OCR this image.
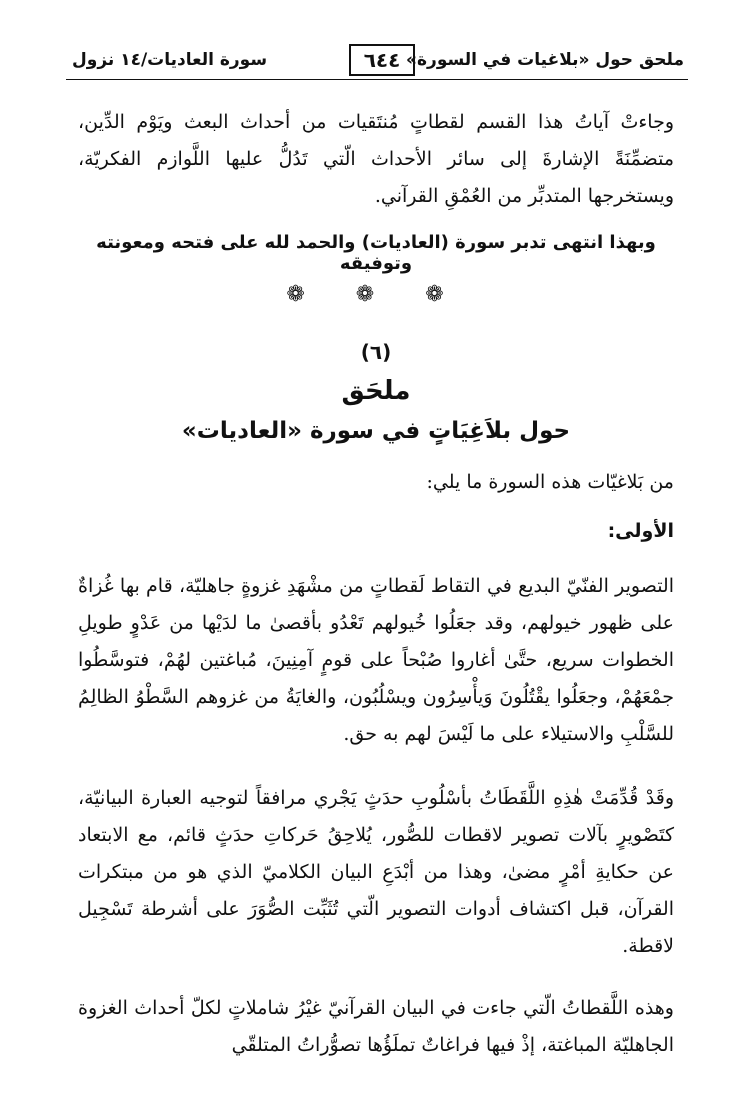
ملحق حول «بلاغيات في السورة»
٦٤٤
سورة العاديات/١٤ نزول

وجاءتْ آياتُ هذا القسم لقطاتٍ مُنتَقيات من أحداث البعث ويَوْم الدِّين، متضمِّنَةً الإشارةَ إلى سائر الأحداث الّتي تَدُلُّ عليها اللَّوازم الفكريّة، ويستخرجها المتدبِّر من العُمْقِ القرآني.

وبهذا انتهى تدبر سورة (العاديات) والحمد لله على فتحه ومعونته وتوفيقه
❁ ❁ ❁
(٦)
ملحَق
حول بلاَغِيَاتٍ في سورة «العاديات»

من بَلاغيّات هذه السورة ما يلي:

الأولى:

التصوير الفنّيّ البديع في التقاط لَقطاتٍ من مشْهَدِ غزوةٍ جاهليّة، قام بها غُزاةٌ على ظهور خيولهم، وقد جعَلُوا خُيولهم تَعْدُو بأقصىٰ ما لدَيْها من عَدْوٍ طويلِ الخطوات سريع، حتَّىٰ أغاروا صُبْحاً على قومٍ آمِنِينَ، مُباغتين لهُمْ، فتوسَّطُوا جمْعَهُمْ، وجعَلُوا يقْتُلُونَ وَيأْسِرُون ويسْلُبُون، والغايَةُ من غزوهم السَّطْوُ الظالِمُ للسَّلْبِ والاستيلاء على ما لَيْسَ لهم به حق.

وقَدْ قُدِّمَتْ هٰذِهِ اللَّقَطَاتُ بأسْلُوبِ حدَثٍ يَجْري مرافقاً لتوجيه العبارة البيانيّة، كتَصْويرٍ بآلات تصوير لاقطات للصُّور، يُلاحِقُ حَركاتِ حدَثٍ قائم، مع الابتعاد عن حكايةِ أمْرٍ مضىٰ، وهذا من أبْدَعِ البيان الكلاميّ الذي هو من مبتكرات القرآن، قبل اكتشاف أدوات التصوير الّتي تُثَبِّت الصُّوَرَ على أشرطة تَسْجِيل لاقطة.

وهذه اللَّقطاتُ الّتي جاءت في البيان القرآنيّ غيْرُ شاملاتٍ لكلّ أحداث الغزوة الجاهليّة المباغتة، إذْ فيها فراغاتٌ تملَؤُها تصوُّراتُ المتلقّي
